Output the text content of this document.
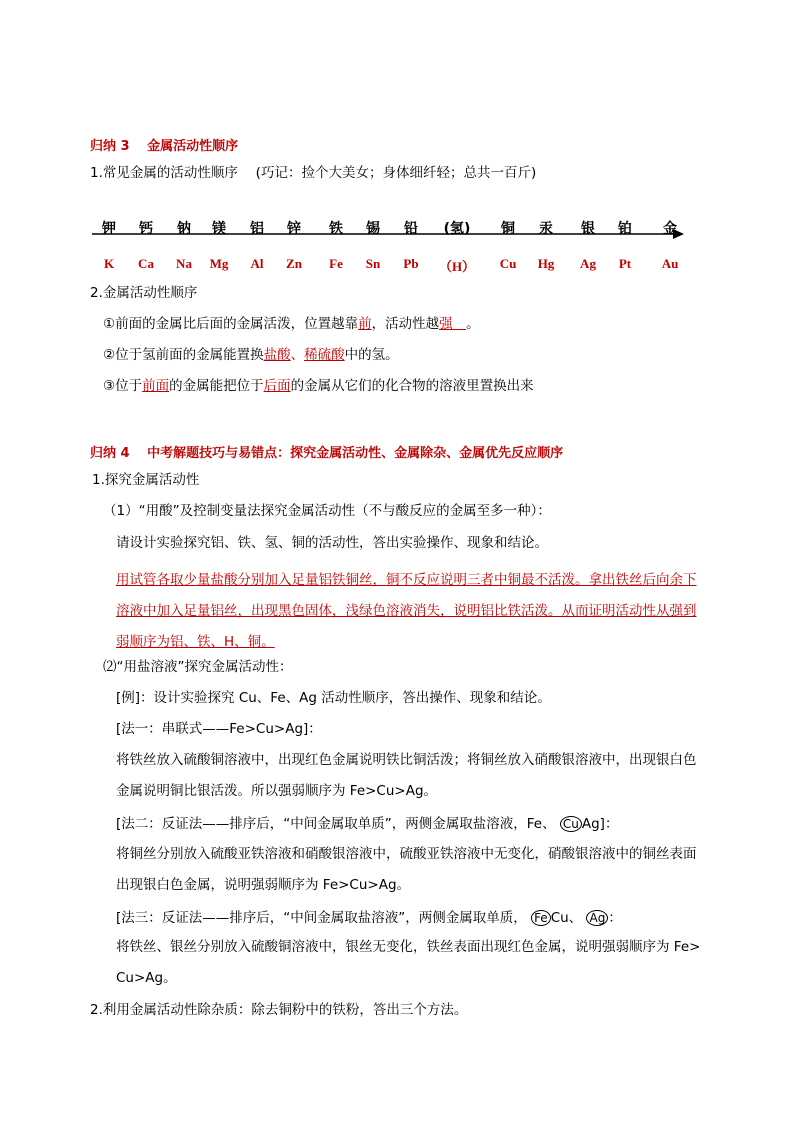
归纳 3　 金属活动性顺序
1.常见金属的活动性顺序　 (巧记：捡个大美女；身体细纤轻；总共一百斤)
钾 钙 钠 镁 铝 锌 铁 锡 铅 (氢) 铜 汞 银 铂 金
K Ca Na Mg Al Zn Fe Sn Pb （H） Cu Hg Ag Pt Au
2.金属活动性顺序
①前面的金属比后面的金属活泼，位置越靠前，活动性越强　。
②位于氢前面的金属能置换盐酸、稀硫酸中的氢。
③位于前面的金属能把位于后面的金属从它们的化合物的溶液里置换出来
归纳 4　 中考解题技巧与易错点：探究金属活动性、金属除杂、金属优先反应顺序
1.探究金属活动性
（1）“用酸”及控制变量法探究金属活动性（不与酸反应的金属至多一种）：
请设计实验探究铝、铁、氢、铜的活动性，答出实验操作、现象和结论。
用试管各取少量盐酸分别加入足量铝铁铜丝，铜不反应说明三者中铜最不活泼。拿出铁丝后向余下
溶液中加入足量铝丝，出现黑色固体，浅绿色溶液消失，说明铝比铁活泼。从而证明活动性从强到
弱顺序为铝、铁、H、铜。
⑵“用盐溶液”探究金属活动性：
[例]：设计实验探究 Cu、Fe、Ag 活动性顺序，答出操作、现象和结论。
[法一：串联式——Fe>Cu>Ag]：
将铁丝放入硫酸铜溶液中，出现红色金属说明铁比铜活泼；将铜丝放入硝酸银溶液中，出现银白色
金属说明铜比银活泼。所以强弱顺序为 Fe>Cu>Ag。
[法二：反证法——排序后，“中间金属取单质”，两侧金属取盐溶液，Fe、 Cu Ag]：
将铜丝分别放入硫酸亚铁溶液和硝酸银溶液中，硫酸亚铁溶液中无变化，硝酸银溶液中的铜丝表面
出现银白色金属，说明强弱顺序为 Fe>Cu>Ag。
[法三：反证法——排序后，“中间金属取盐溶液”，两侧金属取单质， Fe Cu、 Ag ：
将铁丝、银丝分别放入硫酸铜溶液中，银丝无变化，铁丝表面出现红色金属，说明强弱顺序为 Fe>
Cu>Ag。
2.利用金属活动性除杂质：除去铜粉中的铁粉，答出三个方法。
